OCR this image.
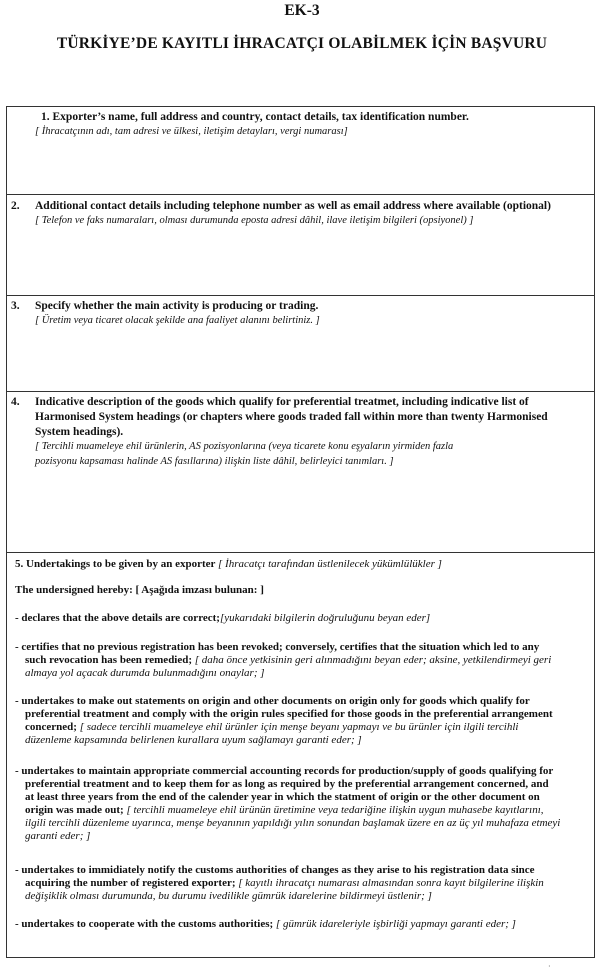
EK-3

TÜRKİYE’DE KAYITLI İHRACATÇI OLABİLMEK İÇİN BAŞVURU

1. Exporter’s name, full address and country, contact details, tax identification number.

[ İhracatçının adı, tam adresi ve ülkesi, iletişim detayları, vergi numarası]

2. Additional contact details including telephone number as well as email address where available (optional)

[ Telefon ve faks numaraları, olması durumunda eposta adresi dâhil, ilave iletişim bilgileri (opsiyonel) ]

3. Specify whether the main activity is producing or trading.

[ Üretim veya ticaret olacak şekilde ana faaliyet alanını belirtiniz. ]

4. Indicative description of the goods which qualify for preferential treatmet, including indicative list of

Harmonised System headings (or chapters where goods traded fall within more than twenty Harmonised

System headings).

[ Tercihli muameleye ehil ürünlerin, AS pozisyonlarına (veya ticarete konu eşyaların yirmiden fazla

pozisyonu kapsaması halinde AS fasıllarına) ilişkin liste dâhil, belirleyici tanımları. ]

5. Undertakings to be given by an exporter [ İhracatçı tarafından üstlenilecek yükümlülükler ]
The undersigned hereby: [ Aşağıda imzası bulunan: ]
- declares that the above details are correct;[yukarıdaki bilgilerin doğruluğunu beyan eder]
- certifies that no previous registration has been revoked; conversely, certifies that the situation which led to any
such revocation has been remedied; [ daha önce yetkisinin geri alınmadığını beyan eder; aksine, yetkilendirmeyi geri
almaya yol açacak durumda bulunmadığını onaylar; ]
- undertakes to make out statements on origin and other documents on origin only for goods which qualify for
preferential treatment and comply with the origin rules specified for those goods in the preferential arrangement
concerned; [ sadece tercihli muameleye ehil ürünler için menşe beyanı yapmayı ve bu ürünler için ilgili tercihli
düzenleme kapsamında belirlenen kurallara uyum sağlamayı garanti eder; ]
- undertakes to maintain appropriate commercial accounting records for production/supply of goods qualifying for
preferential treatment and to keep them for as long as required by the preferential arrangement concerned, and
at least three years from the end of the calender year in which the statment of origin or the other document on
origin was made out; [ tercihli muameleye ehil ürünün üretimine veya tedariğine ilişkin uygun muhasebe kayıtlarını,
ilgili tercihli düzenleme uyarınca, menşe beyanının yapıldığı yılın sonundan başlamak üzere en az üç yıl muhafaza etmeyi
garanti eder; ]
- undertakes to immidiately notify the customs authorities of changes as they arise to his registration data since
acquiring the number of registered exporter; [ kayıtlı ihracatçı numarası almasından sonra kayıt bilgilerine ilişkin
değişiklik olması durumunda, bu durumu ivedilikle gümrük idarelerine bildirmeyi üstlenir; ]
- undertakes to cooperate with the customs authorities; [ gümrük idareleriyle işbirliği yapmayı garanti eder; ]
·
